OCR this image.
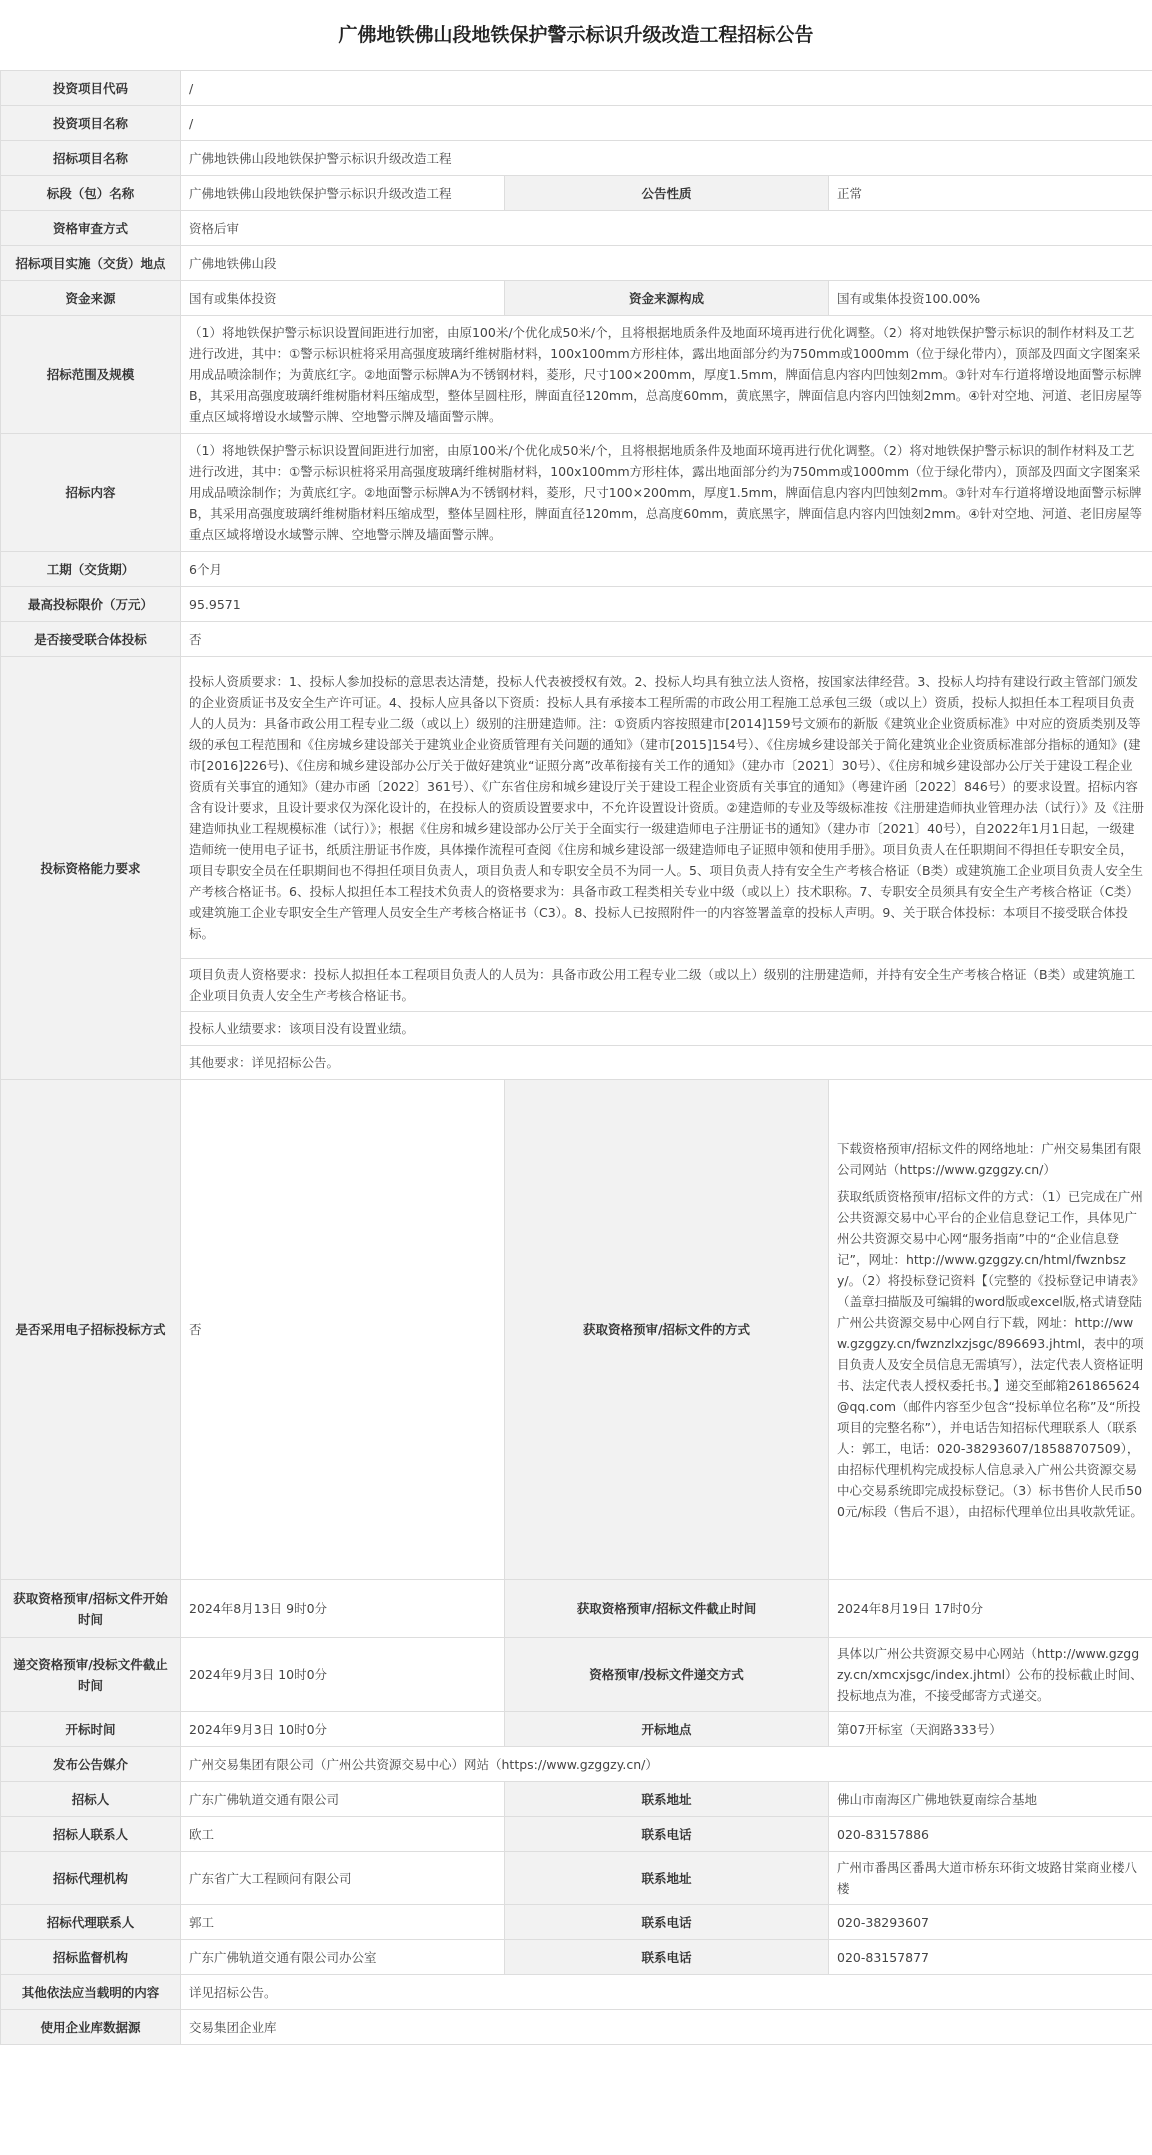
广佛地铁佛山段地铁保护警示标识升级改造工程招标公告
投资项目代码	/		
投资项目名称	/		
招标项目名称	广佛地铁佛山段地铁保护警示标识升级改造工程		
标段（包）名称	广佛地铁佛山段地铁保护警示标识升级改造工程	公告性质	正常
资格审查方式	资格后审		
招标项目实施（交货）地点	广佛地铁佛山段		
资金来源	国有或集体投资	资金来源构成	国有或集体投资100.00%
招标范围及规模	（1）将地铁保护警示标识设置间距进行加密，由原100米/个优化成50米/个，且将根据地质条件及地面环境再进行优化调整。（2）将对地铁保护警示标识的制作材料及工艺进行改进，其中：①警示标识桩将采用高强度玻璃纤维树脂材料，100x100mm方形柱体，露出地面部分约为750mm或1000mm（位于绿化带内），顶部及四面文字图案采用成品喷涂制作；为黄底红字。②地面警示标牌A为不锈钢材料，菱形，尺寸100×200mm，厚度1.5mm，牌面信息内容内凹蚀刻2mm。③针对车行道将增设地面警示标牌B，其采用高强度玻璃纤维树脂材料压缩成型，整体呈圆柱形，牌面直径120mm，总高度60mm，黄底黑字，牌面信息内容内凹蚀刻2mm。④针对空地、河道、老旧房屋等重点区域将增设水域警示牌、空地警示牌及墙面警示牌。		
招标内容	（1）将地铁保护警示标识设置间距进行加密，由原100米/个优化成50米/个，且将根据地质条件及地面环境再进行优化调整。（2）将对地铁保护警示标识的制作材料及工艺进行改进，其中：①警示标识桩将采用高强度玻璃纤维树脂材料，100x100mm方形柱体，露出地面部分约为750mm或1000mm（位于绿化带内），顶部及四面文字图案采用成品喷涂制作；为黄底红字。②地面警示标牌A为不锈钢材料，菱形，尺寸100×200mm，厚度1.5mm，牌面信息内容内凹蚀刻2mm。③针对车行道将增设地面警示标牌B，其采用高强度玻璃纤维树脂材料压缩成型，整体呈圆柱形，牌面直径120mm，总高度60mm，黄底黑字，牌面信息内容内凹蚀刻2mm。④针对空地、河道、老旧房屋等重点区域将增设水域警示牌、空地警示牌及墙面警示牌。		
工期（交货期）	6个月		
最高投标限价（万元）	95.9571		
是否接受联合体投标	否		
投标资格能力要求	投标人资质要求：1、投标人参加投标的意思表达清楚，投标人代表被授权有效。2、投标人均具有独立法人资格，按国家法律经营。3、投标人均持有建设行政主管部门颁发的企业资质证书及安全生产许可证。4、投标人应具备以下资质：投标人具有承接本工程所需的市政公用工程施工总承包三级（或以上）资质，投标人拟担任本工程项目负责人的人员为：具备市政公用工程专业二级（或以上）级别的注册建造师。注：①资质内容按照建市[2014]159号文颁布的新版《建筑业企业资质标准》中对应的资质类别及等级的承包工程范围和《住房城乡建设部关于建筑业企业资质管理有关问题的通知》（建市[2015]154号）、《住房城乡建设部关于简化建筑业企业资质标准部分指标的通知》(建市[2016]226号)、《住房和城乡建设部办公厅关于做好建筑业“证照分离”改革衔接有关工作的通知》（建办市〔2021〕30号）、《住房和城乡建设部办公厅关于建设工程企业资质有关事宜的通知》（建办市函〔2022〕361号）、《广东省住房和城乡建设厅关于建设工程企业资质有关事宜的通知》（粤建许函〔2022〕846号）的要求设置。招标内容含有设计要求，且设计要求仅为深化设计的，在投标人的资质设置要求中，不允许设置设计资质。②建造师的专业及等级标准按《注册建造师执业管理办法（试行）》及《注册建造师执业工程规模标准（试行）》；根据《住房和城乡建设部办公厅关于全面实行一级建造师电子注册证书的通知》（建办市〔2021〕40号），自2022年1月1日起，一级建造师统一使用电子证书，纸质注册证书作废，具体操作流程可查阅《住房和城乡建设部一级建造师电子证照申领和使用手册》。项目负责人在任职期间不得担任专职安全员，项目专职安全员在任职期间也不得担任项目负责人，项目负责人和专职安全员不为同一人。5、项目负责人持有安全生产考核合格证（B类）或建筑施工企业项目负责人安全生产考核合格证书。6、投标人拟担任本工程技术负责人的资格要求为：具备市政工程类相关专业中级（或以上）技术职称。7、专职安全员须具有安全生产考核合格证（C类）或建筑施工企业专职安全生产管理人员安全生产考核合格证书（C3）。8、投标人已按照附件一的内容签署盖章的投标人声明。9、关于联合体投标：本项目不接受联合体投标。		
	项目负责人资格要求：投标人拟担任本工程项目负责人的人员为：具备市政公用工程专业二级（或以上）级别的注册建造师，并持有安全生产考核合格证（B类）或建筑施工企业项目负责人安全生产考核合格证书。		
	投标人业绩要求：该项目没有设置业绩。		
	其他要求：详见招标公告。		
是否采用电子招标投标方式	否	获取资格预审/招标文件的方式	下载资格预审/招标文件的网络地址：广州交易集团有限公司网站（https://www.gzggzy.cn/）

获取纸质资格预审/招标文件的方式：（1）已完成在广州公共资源交易中心平台的企业信息登记工作，具体见广州公共资源交易中心网“服务指南”中的“企业信息登记”，网址：http://www.gzggzy.cn/html/fwznbszy/。（2）将投标登记资料【（完整的《投标登记申请表》（盖章扫描版及可编辑的word版或excel版,格式请登陆广州公共资源交易中心网自行下载，网址：http://www.gzggzy.cn/fwznzlxzjsgc/896693.jhtml，表中的项目负责人及安全员信息无需填写），法定代表人资格证明书、法定代表人授权委托书。】递交至邮箱261865624@qq.com（邮件内容至少包含“投标单位名称”及“所投项目的完整名称”），并电话告知招标代理联系人（联系人：郭工，电话：020-38293607/18588707509），由招标代理机构完成投标人信息录入广州公共资源交易中心交易系统即完成投标登记。（3）标书售价人民币500元/标段（售后不退），由招标代理单位出具收款凭证。

获取资格预审/招标文件开始时间	2024年8月13日 9时0分	获取资格预审/招标文件截止时间	2024年8月19日 17时0分
递交资格预审/投标文件截止时间	2024年9月3日 10时0分	资格预审/投标文件递交方式	具体以广州公共资源交易中心网站（http://www.gzggzy.cn/xmcxjsgc/index.jhtml）公布的投标截止时间、投标地点为准，不接受邮寄方式递交。
开标时间	2024年9月3日 10时0分	开标地点	第07开标室（天润路333号）
发布公告媒介	广州交易集团有限公司（广州公共资源交易中心）网站（https://www.gzggzy.cn/）		
招标人	广东广佛轨道交通有限公司	联系地址	佛山市南海区广佛地铁夏南综合基地
招标人联系人	欧工	联系电话	020-83157886
招标代理机构	广东省广大工程顾问有限公司	联系地址	广州市番禺区番禺大道市桥东环街文坡路甘棠商业楼八楼
招标代理联系人	郭工	联系电话	020-38293607
招标监督机构	广东广佛轨道交通有限公司办公室	联系电话	020-83157877
其他依法应当载明的内容	详见招标公告。		
使用企业库数据源	交易集团企业库		
